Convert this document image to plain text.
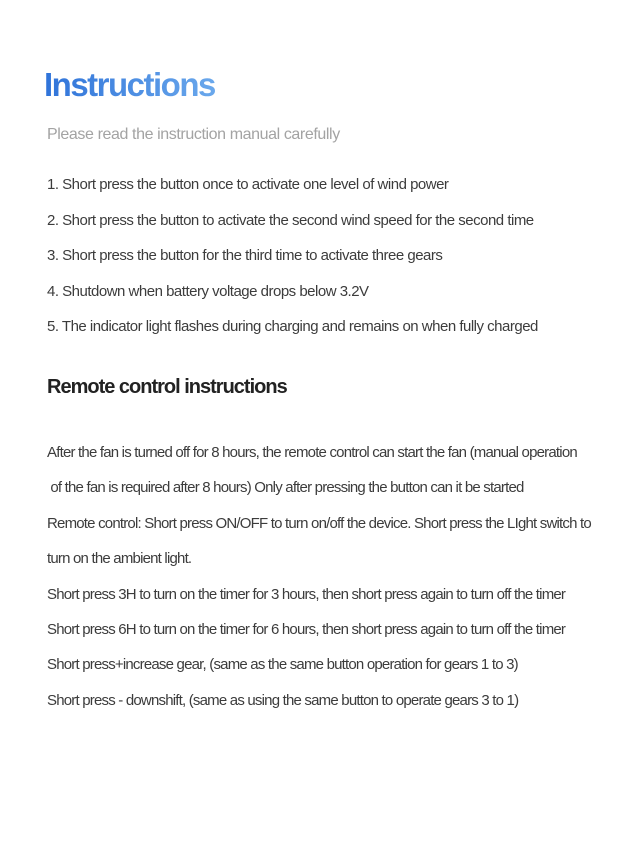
Instructions
Please read the instruction manual carefully
1. Short press the button once to activate one level of wind power
2. Short press the button to activate the second wind speed for the second time
3. Short press the button for the third time to activate three gears
4. Shutdown when battery voltage drops below 3.2V
5. The indicator light flashes during charging and remains on when fully charged
Remote control instructions
After the fan is turned off for 8 hours, the remote control can start the fan (manual operation
of the fan is required after 8 hours) Only after pressing the button can it be started
Remote control: Short press ON/OFF to turn on/off the device. Short press the LIght switch to
turn on the ambient light.
Short press 3H to turn on the timer for 3 hours, then short press again to turn off the timer
Short press 6H to turn on the timer for 6 hours, then short press again to turn off the timer
Short press+increase gear, (same as the same button operation for gears 1 to 3)
Short press - downshift, (same as using the same button to operate gears 3 to 1)
